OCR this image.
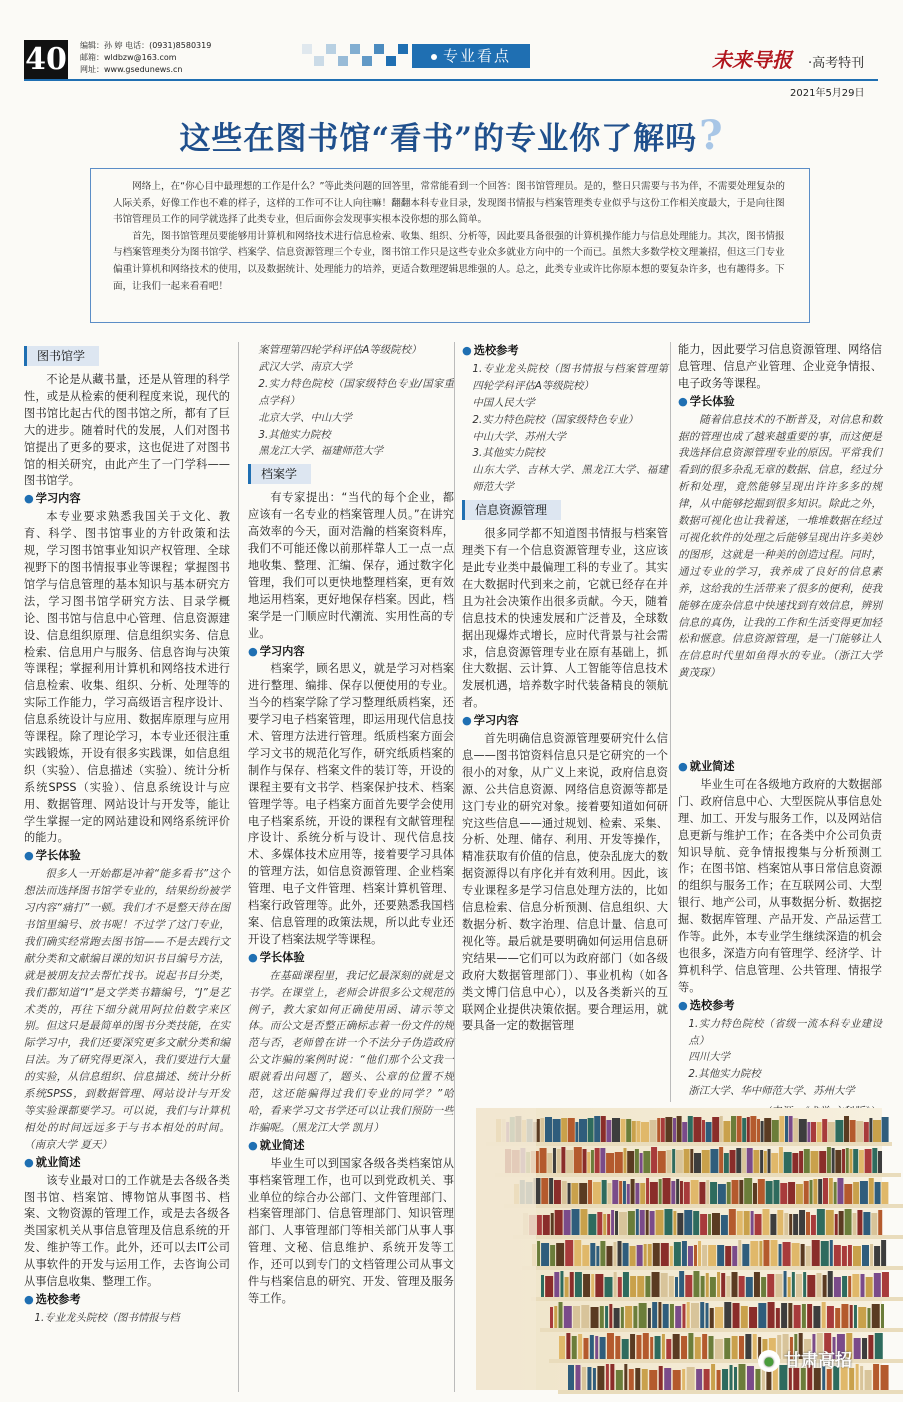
40 编辑：孙 婷 电话：(0931)8580319
邮箱：wldbzw@163.com
网址：www.gsedunews.cn
专业看点	未来导报 ·高考特刊
2021年5月29日
这些在图书馆“看书”的专业你了解吗?

网络上，在“你心目中最理想的工作是什么？”等此类问题的回答里，常常能看到一个回答：图书馆管理员。是的，整日只需要与书为伴，不需要处理复杂的人际关系，好像工作也不难的样子，这样的工作可不让人向往嘛！翻翻本科专业目录，发现图书情报与档案管理类专业似乎与这份工作相关度最大，于是向往图书馆管理员工作的同学就选择了此类专业，但后面你会发现事实根本没你想的那么简单。

首先，图书馆管理员要能够用计算机和网络技术进行信息检索、收集、组织、分析等，因此要具备很强的计算机操作能力与信息处理能力。其次，图书情报与档案管理类分为图书馆学、档案学、信息资源管理三个专业，图书馆工作只是这些专业众多就业方向中的一个而已。虽然大多数学校文理兼招，但这三门专业偏重计算机和网络技术的使用，以及数据统计、处理能力的培养，更适合数理逻辑思维强的人。总之，此类专业或许比你原本想的要复杂许多，也有趣得多。下面，让我们一起来看看吧！

图书馆学

不论是从藏书量，还是从管理的科学性，或是从检索的便利程度来说，现代的图书馆比起古代的图书馆之所，都有了巨大的进步。随着时代的发展，人们对图书馆提出了更多的要求，这也促进了对图书馆的相关研究，由此产生了一门学科——图书馆学。

● 学习内容

本专业要求熟悉我国关于文化、教育、科学、图书馆事业的方针政策和法规，学习图书馆事业知识产权管理、全球视野下的图书情报事业等课程；掌握图书馆学与信息管理的基本知识与基本研究方法，学习图书馆学研究方法、目录学概论、图书馆与信息中心管理、信息资源建设、信息组织原理、信息组织实务、信息检索、信息用户与服务、信息咨询与决策等课程；掌握利用计算机和网络技术进行信息检索、收集、组织、分析、处理等的实际工作能力，学习高级语言程序设计、信息系统设计与应用、数据库原理与应用等课程。除了理论学习，本专业还很注重实践锻炼，开设有很多实践课，如信息组织（实验）、信息描述（实验）、统计分析系统SPSS（实验）、信息系统设计与应用、数据管理、网站设计与开发等，能让学生掌握一定的网站建设和网络系统评价的能力。

● 学长体验

很多人一开始都是冲着“能多看书”这个想法而选择图书馆学专业的，结果纷纷被学习内容“痛打”一顿。我们才不是整天待在图书馆里编号、放书呢！不过学了这门专业，我们确实经常跑去图书馆——不是去践行文献分类和文献编目课的知识书目编号方法，就是被朋友拉去帮忙找书。说起书目分类，我们都知道“I”是文学类书籍编号，“J”是艺术类的，再往下细分就用阿拉伯数字来区别。但这只是最简单的图书分类技能，在实际学习中，我们还要深究更多文献分类和编目法。为了研究得更深入，我们要进行大量的实验，从信息组织、信息描述、统计分析系统SPSS，到数据管理、网站设计与开发等实验课都要学习。可以说，我们与计算机相处的时间远远多于与书本相处的时间。（南京大学 夏天）

● 就业简述

该专业最对口的工作就是去各级各类图书馆、档案馆、博物馆从事图书、档案、文物资源的管理工作，或是去各级各类国家机关从事信息管理及信息系统的开发、维护等工作。此外，还可以去IT公司从事软件的开发与运用工作，去咨询公司从事信息收集、整理工作。

● 选校参考

1.专业龙头院校（图书情报与档

案管理第四轮学科评估A等级院校）

武汉大学、南京大学

2.实力特色院校（国家级特色专业/国家重点学科）

北京大学、中山大学

3.其他实力院校

黑龙江大学、福建师范大学

档案学

有专家提出：“当代的每个企业，都应该有一名专业的档案管理人员。”在讲究高效率的今天，面对浩瀚的档案资料库，我们不可能还像以前那样靠人工一点一点地收集、整理、汇编、保存，通过数字化管理，我们可以更快地整理档案，更有效地运用档案，更好地保存档案。因此，档案学是一门顺应时代潮流、实用性高的专业。

● 学习内容

档案学，顾名思义，就是学习对档案进行整理、编排、保存以便使用的专业。当今的档案学除了学习整理纸质档案，还要学习电子档案管理，即运用现代信息技术、管理方法进行管理。纸质档案方面会学习文书的规范化写作，研究纸质档案的制作与保存、档案文件的装订等，开设的课程主要有文书学、档案保护技术、档案管理学等。电子档案方面首先要学会使用电子档案系统，开设的课程有文献管理程序设计、系统分析与设计、现代信息技术、多媒体技术应用等，接着要学习具体的管理方法，如信息资源管理、企业档案管理、电子文件管理、档案计算机管理、档案行政管理等。此外，还要熟悉我国档案、信息管理的政策法规，所以此专业还开设了档案法规学等课程。

● 学长体验

在基础课程里，我记忆最深刻的就是文书学。在课堂上，老师会讲很多公文规范的例子，教大家如何正确使用函、请示等文体。而公文是否整正确标志着一份文件的规范与否，老师曾在讲一个不法分子伪造政府公文诈骗的案例时说：“他们那个公文我一眼就看出问题了，题头、公章的位置不规范，这还能骗得过我们专业的同学？”哈哈，看来学习文书学还可以让我们预防一些诈骗呢。（黑龙江大学 凯月）

● 就业简述

毕业生可以到国家各级各类档案馆从事档案管理工作，也可以到党政机关、事业单位的综合办公部门、文件管理部门、档案管理部门、信息管理部门、知识管理部门、人事管理部门等相关部门从事人事管理、文秘、信息维护、系统开发等工作，还可以到专门的文档管理公司从事文件与档案信息的研究、开发、管理及服务等工作。

● 选校参考

1.专业龙头院校（图书情报与档案管理第四轮学科评估A等级院校）

中国人民大学

2.实力特色院校（国家级特色专业）

中山大学、苏州大学

3.其他实力院校

山东大学、吉林大学、黑龙江大学、福建师范大学

信息资源管理

很多同学都不知道图书情报与档案管理类下有一个信息资源管理专业，这应该是此专业类中最偏理工科的专业了。其实在大数据时代到来之前，它就已经存在并且为社会决策作出很多贡献。今天，随着信息技术的快速发展和广泛普及，全球数据出现爆炸式增长，应时代背景与社会需求，信息资源管理专业在原有基础上，抓住大数据、云计算、人工智能等信息技术发展机遇，培养数字时代装备精良的领航者。

● 学习内容

首先明确信息资源管理要研究什么信息——图书馆资料信息只是它研究的一个很小的对象，从广义上来说，政府信息资源、公共信息资源、网络信息资源等都是这门专业的研究对象。接着要知道如何研究这些信息——通过规划、检索、采集、分析、处理、储存、利用、开发等操作，精准获取有价值的信息，使杂乱庞大的数据资源得以有序化并有效利用。因此，该专业课程多是学习信息处理方法的，比如信息检索、信息分析预测、信息组织、大数据分析、数字治理、信息计量、信息可视化等。最后就是要明确如何运用信息研究结果——它们可以为政府部门（如各级政府大数据管理部门）、事业机构（如各类文博门信息中心），以及各类新兴的互联网企业提供决策依据。要合理运用，就要具备一定的数据管理

能力，因此要学习信息资源管理、网络信息管理、信息产业管理、企业竞争情报、电子政务等课程。

● 学长体验

随着信息技术的不断普及，对信息和数据的管理也成了越来越重要的事，而这便是我选择信息资源管理专业的原因。平常我们看到的很多杂乱无章的数据、信息，经过分析和处理，竟然能够呈现出许许多多的规律，从中能够挖掘到很多知识。除此之外，数据可视化也让我着迷，一堆堆数据在经过可视化软件的处理之后能够呈现出许多美妙的图形，这就是一种美的创造过程。同时，通过专业的学习，我养成了良好的信息素养，这给我的生活带来了很多的便利，使我能够在庞杂信息中快速找到有效信息，辨别信息的真伪，让我的工作和生活变得更加轻松和惬意。信息资源管理，是一门能够让人在信息时代里如鱼得水的专业。（浙江大学 黄茂琛）

● 就业简述

毕业生可在各级地方政府的大数据部门、政府信息中心、大型医院从事信息处理、加工、开发与服务工作，以及网站信息更新与维护工作；在各类中介公司负责知识导航、竞争情报搜集与分析预测工作；在图书馆、档案馆从事日常信息资源的组织与服务工作；在互联网公司、大型银行、地产公司，从事数据分析、数据挖掘、数据库管理、产品开发、产品运营工作等。此外，本专业学生继续深造的机会也很多，深造方向有管理学、经济学、计算机科学、信息管理、公共管理、情报学等。

● 选校参考

1.实力特色院校（省级一流本科专业建设点）

四川大学

2.其他实力院校

浙江大学、华中师范大学、苏州大学

● 甘肃高招
